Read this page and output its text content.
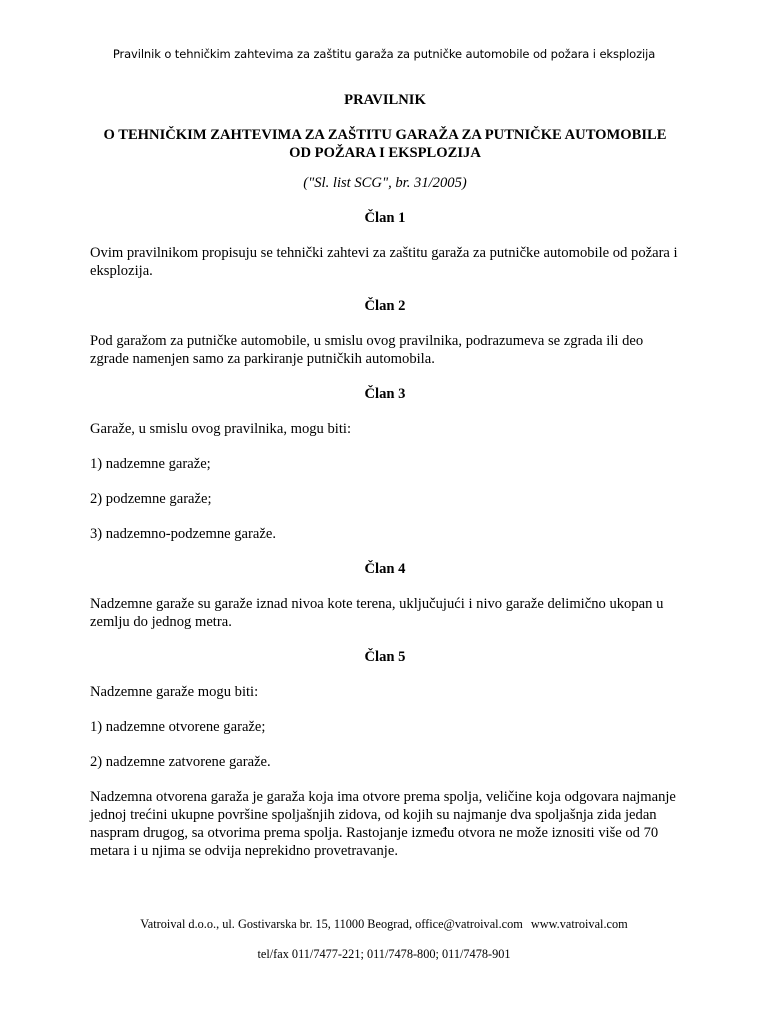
Pravilnik o tehničkim zahtevima za zaštitu garaža za putničke automobile od požara i eksplozija
PRAVILNIK
O TEHNIČKIM ZAHTEVIMA ZA ZAŠTITU GARAŽA ZA PUTNIČKE AUTOMOBILE
OD POŽARA I EKSPLOZIJA
("Sl. list SCG", br. 31/2005)
Član 1

Ovim pravilnikom propisuju se tehnički zahtevi za zaštitu garaža za putničke automobile od požara i eksplozija.

Član 2

Pod garažom za putničke automobile, u smislu ovog pravilnika, podrazumeva se zgrada ili deo zgrade namenjen samo za parkiranje putničkih automobila.

Član 3

Garaže, u smislu ovog pravilnika, mogu biti:

1) nadzemne garaže;

2) podzemne garaže;

3) nadzemno-podzemne garaže.

Član 4

Nadzemne garaže su garaže iznad nivoa kote terena, uključujući i nivo garaže delimično ukopan u zemlju do jednog metra.

Član 5

Nadzemne garaže mogu biti:

1) nadzemne otvorene garaže;

2) nadzemne zatvorene garaže.

Nadzemna otvorena garaža je garaža koja ima otvore prema spolja, veličine koja odgovara najmanje jednoj trećini ukupne površine spoljašnjih zidova, od kojih su najmanje dva spoljašnja zida jedan naspram drugog, sa otvorima prema spolja. Rastojanje između otvora ne može iznositi više od 70 metara i u njima se odvija neprekidno provetravanje.

Vatroival d.o.o., ul. Gostivarska br. 15, 11000 Beograd, office@vatroival.com www.vatroival.com
tel/fax 011/7477-221; 011/7478-800; 011/7478-901
